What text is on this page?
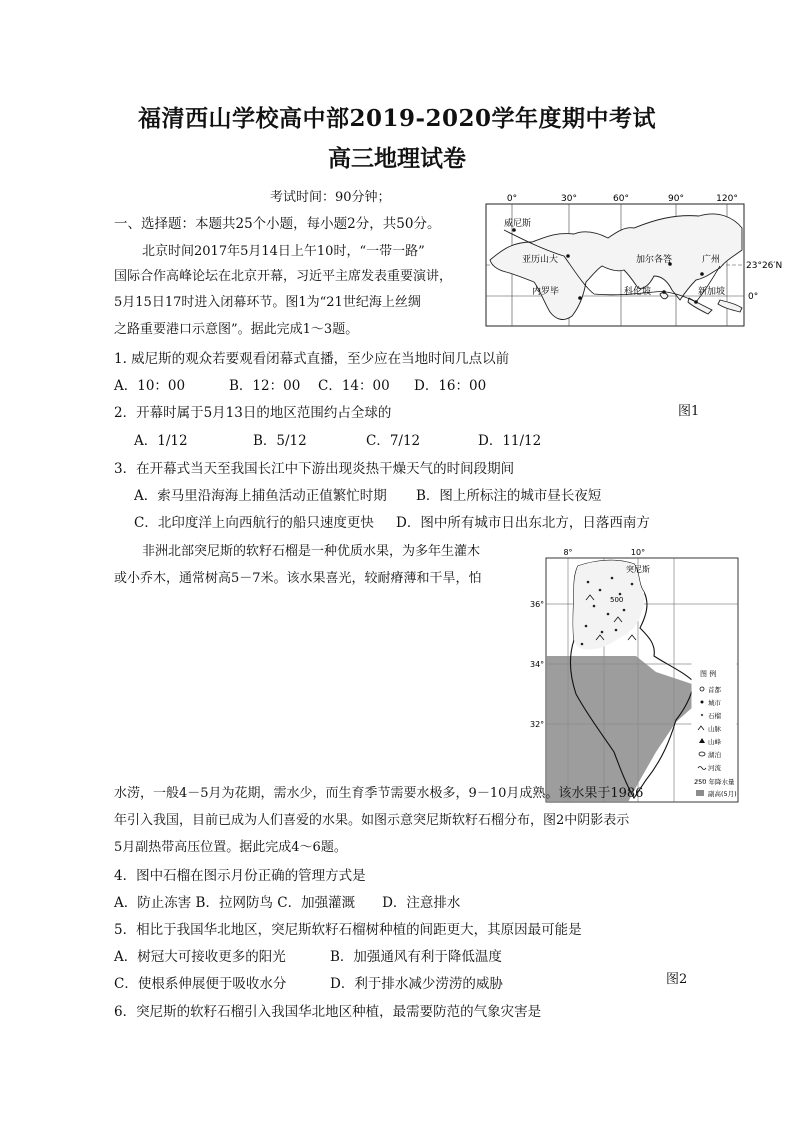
福清西山学校高中部2019-2020学年度期中考试
高三地理试卷
考试时间：90分钟；
一、选择题：本题共25个小题，每小题2分，共50分。
北京时间2017年5月14日上午10时，“一带一路”
国际合作高峰论坛在北京开幕，习近平主席发表重要演讲，
5月15日17时进入闭幕环节。图1为“21世纪海上丝绸
之路重要港口示意图”。据此完成1～3题。
0°	30°	60°	90°	120°
威尼斯
亚历山大	加尔各答	广州
内罗毕	科伦坡	新加坡
23°26′N
0°
图1
1. 威尼斯的观众若要观看闭幕式直播，至少应在当地时间几点以前
A．10：00	B．12：00 C．14：00 D．16：00
2．开幕时属于5月13日的地区范围约占全球的
A．1/12	B．5/12	C．7/12	D．11/12
3．在开幕式当天至我国长江中下游出现炎热干燥天气的时间段期间
A．索马里沿海海上捕鱼活动正值繁忙时期 B．图上所标注的城市昼长夜短
C．北印度洋上向西航行的船只速度更快 D．图中所有城市日出东北方，日落西南方
非洲北部突尼斯的软籽石榴是一种优质水果，为多年生灌木
或小乔木，通常树高5－7米。该水果喜光，较耐瘠薄和干旱，怕
8°	10°
突尼斯
500
36°
34°
32°
图 例
首都
城市
石榴
山脉
山峰
湖泊
河流
250 年降水量
副高(5月)
水涝，一般4－5月为花期，需水少，而生育季节需要水极多，9－10月成熟。该水果于1986
年引入我国，目前已成为人们喜爱的水果。如图示意突尼斯软籽石榴分布，图2中阴影表示
5月副热带高压位置。据此完成4～6题。
4．图中石榴在图示月份正确的管理方式是
A．防止冻害 B．拉网防鸟 C．加强灌溉　　D．注意排水
5．相比于我国华北地区，突尼斯软籽石榴树种植的间距更大，其原因最可能是
A．树冠大可接收更多的阳光	B．加强通风有利于降低温度
C．使根系伸展便于吸收水分	D．利于排水减少涝涝的威胁	图2
6．突尼斯的软籽石榴引入我国华北地区种植，最需要防范的气象灾害是
